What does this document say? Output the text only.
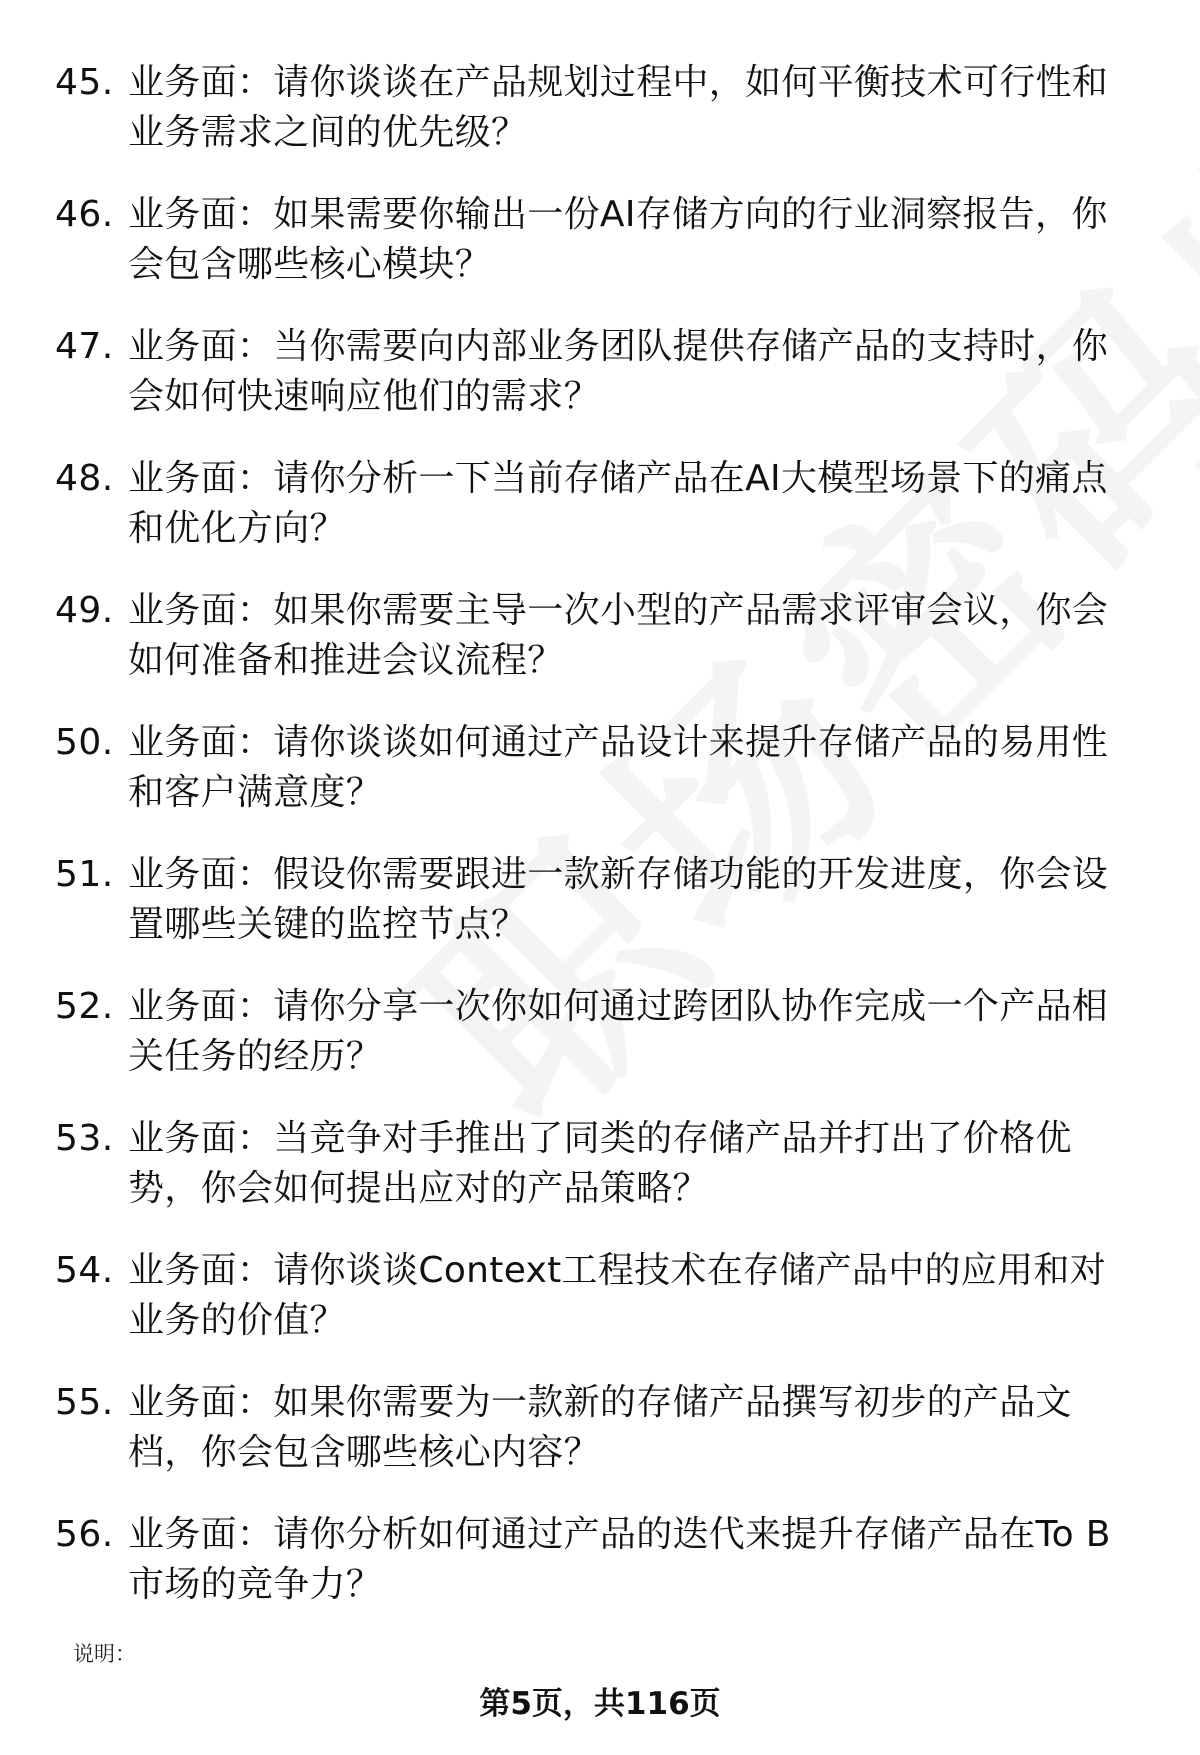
45. 业务面：请你谈谈在产品规划过程中，如何平衡技术可行性和业务需求之间的优先级？
46. 业务面：如果需要你输出一份AI存储方向的行业洞察报告，你会包含哪些核心模块？
47. 业务面：当你需要向内部业务团队提供存储产品的支持时，你会如何快速响应他们的需求？
48. 业务面：请你分析一下当前存储产品在AI大模型场景下的痛点和优化方向？
49. 业务面：如果你需要主导一次小型的产品需求评审会议，你会如何准备和推进会议流程？
50. 业务面：请你谈谈如何通过产品设计来提升存储产品的易用性和客户满意度？
51. 业务面：假设你需要跟进一款新存储功能的开发进度，你会设置哪些关键的监控节点？
52. 业务面：请你分享一次你如何通过跨团队协作完成一个产品相关任务的经历？
53. 业务面：当竞争对手推出了同类的存储产品并打出了价格优势，你会如何提出应对的产品策略？
54. 业务面：请你谈谈Context工程技术在存储产品中的应用和对业务的价值？
55. 业务面：如果你需要为一款新的存储产品撰写初步的产品文档，你会包含哪些核心内容？
56. 业务面：请你分析如何通过产品的迭代来提升存储产品在To B市场的竞争力？
说明：
第5页，共116页
